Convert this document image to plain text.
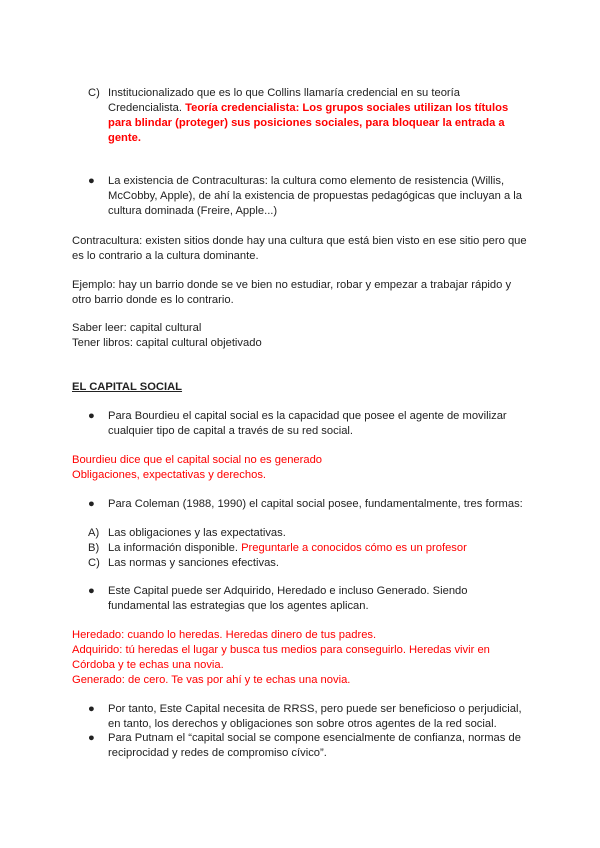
C) Institucionalizado que es lo que Collins llamaría credencial en su teoría Credencialista. Teoría credencialista: Los grupos sociales utilizan los títulos para blindar (proteger) sus posiciones sociales, para bloquear la entrada a gente.
● La existencia de Contraculturas: la cultura como elemento de resistencia (Willis, McCobby, Apple), de ahí la existencia de propuestas pedagógicas que incluyan a la cultura dominada (Freire, Apple...)
Contracultura: existen sitios donde hay una cultura que está bien visto en ese sitio pero que es lo contrario a la cultura dominante.
Ejemplo: hay un barrio donde se ve bien no estudiar, robar y empezar a trabajar rápido y otro barrio donde es lo contrario.
Saber leer: capital cultural
Tener libros: capital cultural objetivado
EL CAPITAL SOCIAL
● Para Bourdieu el capital social es la capacidad que posee el agente de movilizar cualquier tipo de capital a través de su red social.
Bourdieu dice que el capital social no es generado
Obligaciones, expectativas y derechos.
● Para Coleman (1988, 1990) el capital social posee, fundamentalmente, tres formas:
A) Las obligaciones y las expectativas.
B) La información disponible. Preguntarle a conocidos cómo es un profesor
C) Las normas y sanciones efectivas.
● Este Capital puede ser Adquirido, Heredado e incluso Generado. Siendo fundamental las estrategias que los agentes aplican.
Heredado: cuando lo heredas. Heredas dinero de tus padres.
Adquirido: tú heredas el lugar y busca tus medios para conseguirlo. Heredas vivir en Córdoba y te echas una novia.
Generado: de cero. Te vas por ahí y te echas una novia.
● Por tanto, Este Capital necesita de RRSS, pero puede ser beneficioso o perjudicial, en tanto, los derechos y obligaciones son sobre otros agentes de la red social.
● Para Putnam el “capital social se compone esencialmente de confianza, normas de reciprocidad y redes de compromiso cívico”.
